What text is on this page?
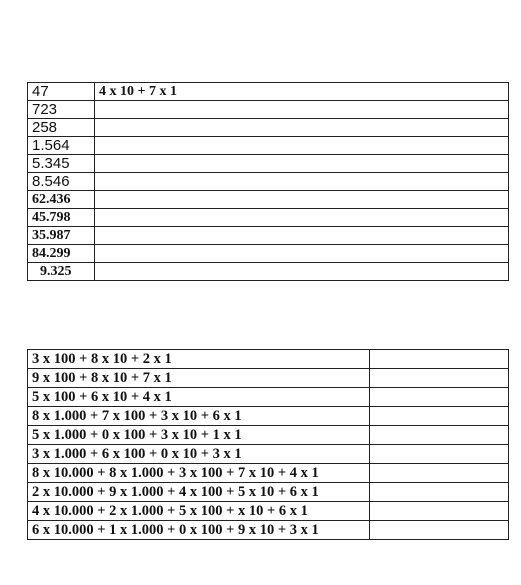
47	4 x 10 + 7 x 1
723	
258	
1.564	
5.345	
8.546	
62.436	
45.798	
35.987	
84.299	
9.325	
3 x 100 + 8 x 10 + 2 x 1	
9 x 100 + 8 x 10 + 7 x 1	
5 x 100 + 6 x 10 + 4 x 1	
8 x 1.000 + 7 x 100 + 3 x 10 + 6 x 1	
5 x 1.000 + 0 x 100 + 3 x 10 + 1 x 1	
3 x 1.000 + 6 x 100 + 0 x 10 + 3 x 1	
8 x 10.000 + 8 x 1.000 + 3 x 100 + 7 x 10 + 4 x 1	
2 x 10.000 + 9 x 1.000 + 4 x 100 + 5 x 10 + 6 x 1	
4 x 10.000 + 2 x 1.000 + 5 x 100 + x 10 + 6 x 1	
6 x 10.000 + 1 x 1.000 + 0 x 100 + 9 x 10 + 3 x 1	
